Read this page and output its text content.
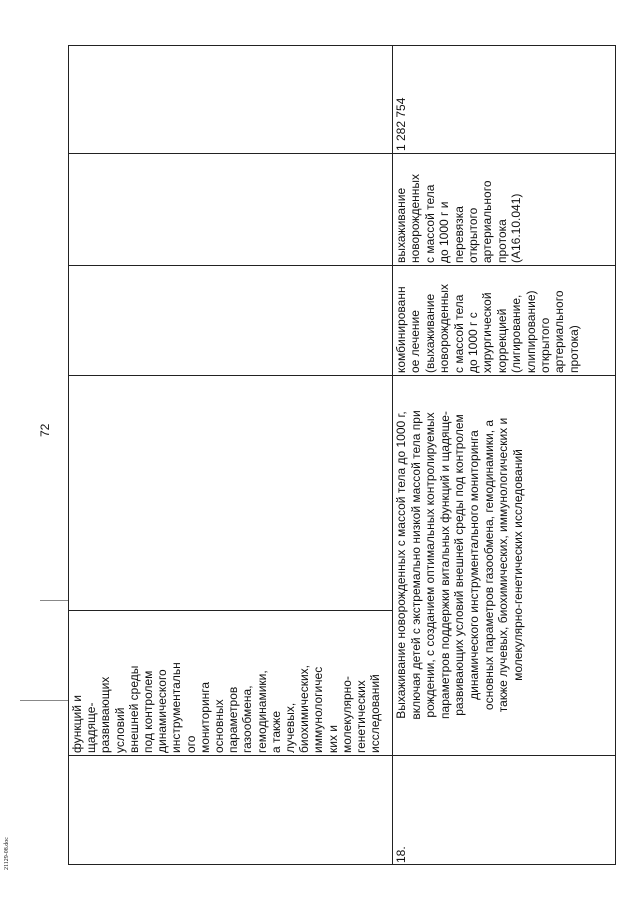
72
21129-08.doc
функций и
щадяще-
развивающих
условий
внешней среды
под контролем
динамического
инструментальн
ого
мониторинга
основных
параметров
газообмена,
гемодинамики,
а также
лучевых,
биохимических,
иммунологичес
ких и
молекулярно-
генетических
исследований
18.
Выхаживание новорожденных с массой тела до 1000 г,
включая детей с экстремально низкой массой тела при
рождении, с созданием оптимальных контролируемых
параметров поддержки витальных функций и щадяще-
развивающих условий внешней среды под контролем
динамического инструментального мониторинга
основных параметров газообмена, гемодинамики, а
также лучевых, биохимических, иммунологических и
молекулярно-генетических исследований
комбинированн
ое лечение
(выхаживание
новорожденных
с массой тела
до 1000 г с
хирургической
коррекцией
(лигирование,
клипирование)
открытого
артериального
протока)
выхаживание
новорожденных
с массой тела
до 1000 г и
перевязка
открытого
артериального
протока
(А16.10.041)
1 282 754
